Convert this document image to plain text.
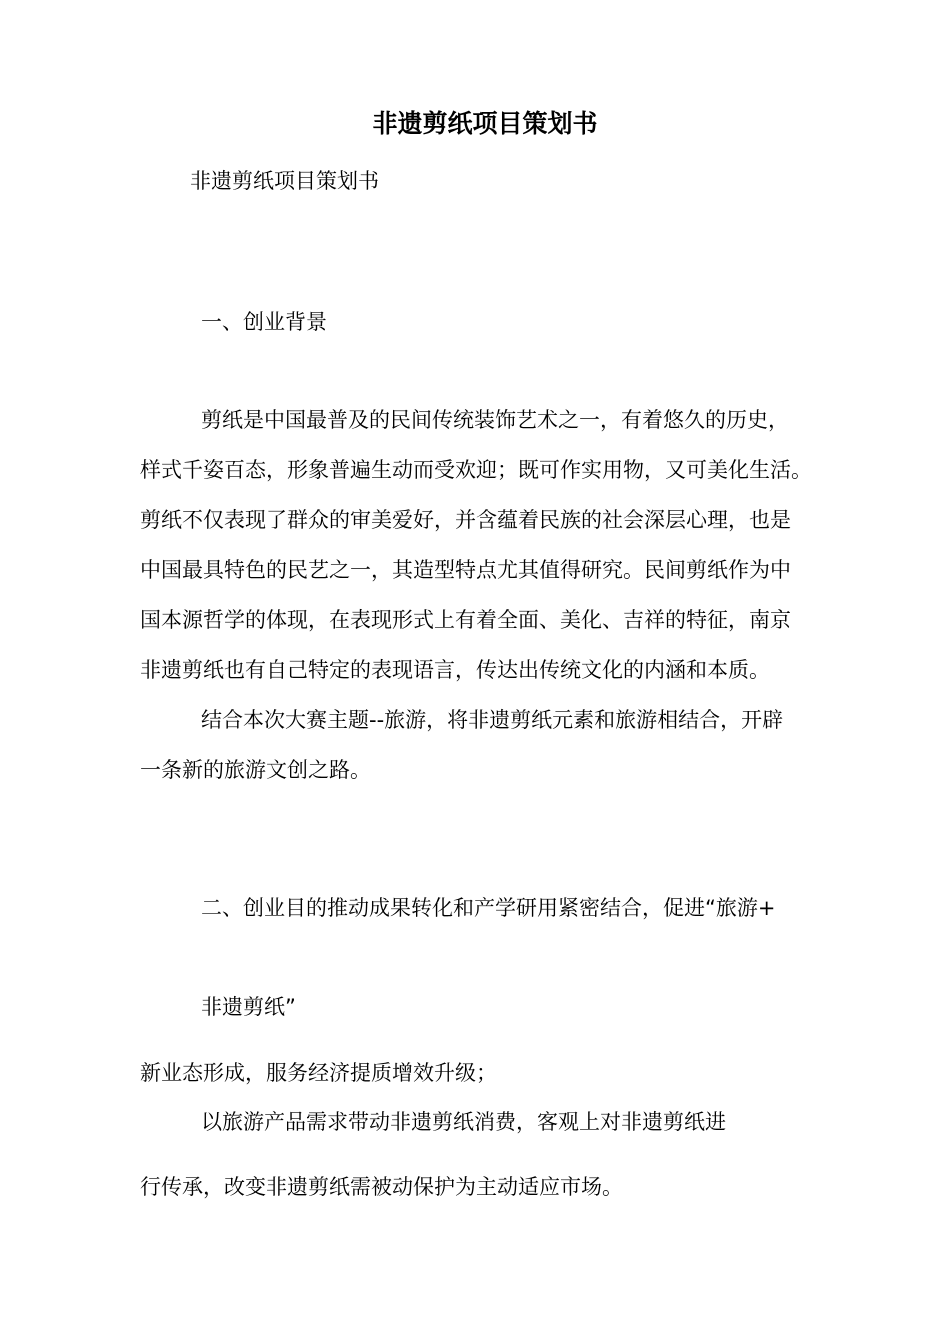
非遗剪纸项目策划书

非遗剪纸项目策划书

一、创业背景

剪纸是中国最普及的民间传统装饰艺术之一，有着悠久的历史，

样式千姿百态，形象普遍生动而受欢迎；既可作实用物，又可美化生活。

剪纸不仅表现了群众的审美爱好，并含蕴着民族的社会深层心理，也是

中国最具特色的民艺之一，其造型特点尤其值得研究。民间剪纸作为中

国本源哲学的体现，在表现形式上有着全面、美化、吉祥的特征，南京

非遗剪纸也有自己特定的表现语言，传达出传统文化的内涵和本质。

结合本次大赛主题--旅游，将非遗剪纸元素和旅游相结合，开辟

一条新的旅游文创之路。

二、创业目的推动成果转化和产学研用紧密结合，促进“旅游+

非遗剪纸”

新业态形成，服务经济提质增效升级；

以旅游产品需求带动非遗剪纸消费，客观上对非遗剪纸进

行传承，改变非遗剪纸需被动保护为主动适应市场。
